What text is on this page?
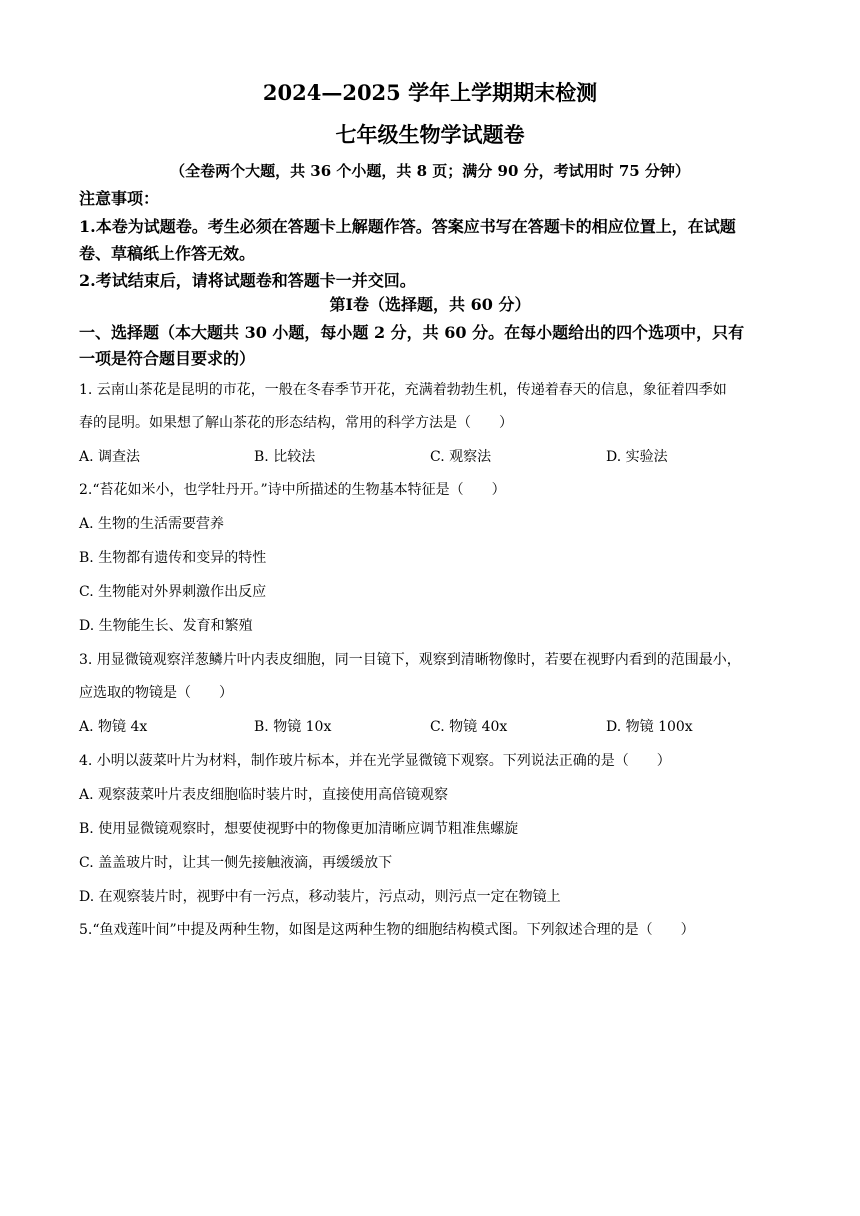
2024—2025 学年上学期期末检测
七年级生物学试题卷
（全卷两个大题，共 36 个小题，共 8 页；满分 90 分，考试用时 75 分钟）
注意事项：
1.本卷为试题卷。考生必须在答题卡上解题作答。答案应书写在答题卡的相应位置上，在试题
卷、草稿纸上作答无效。
2.考试结束后，请将试题卷和答题卡一并交回。
第Ⅰ卷（选择题，共 60 分）
一、选择题（本大题共 30 小题，每小题 2 分，共 60 分。在每小题给出的四个选项中，只有
一项是符合题目要求的）
1. 云南山茶花是昆明的市花，一般在冬春季节开花，充满着勃勃生机，传递着春天的信息，象征着四季如
春的昆明。如果想了解山茶花的形态结构，常用的科学方法是（　　）
A. 调查法	B. 比较法	C. 观察法	D. 实验法
2.“苔花如米小，也学牡丹开。”诗中所描述的生物基本特征是（　　）
A. 生物的生活需要营养
B. 生物都有遗传和变异的特性
C. 生物能对外界刺激作出反应
D. 生物能生长、发育和繁殖
3. 用显微镜观察洋葱鳞片叶内表皮细胞，同一目镜下，观察到清晰物像时，若要在视野内看到的范围最小，
应选取的物镜是（　　）
A. 物镜 4x	B. 物镜 10x	C. 物镜 40x	D. 物镜 100x
4. 小明以菠菜叶片为材料，制作玻片标本，并在光学显微镜下观察。下列说法正确的是（　　）
A. 观察菠菜叶片表皮细胞临时装片时，直接使用高倍镜观察
B. 使用显微镜观察时，想要使视野中的物像更加清晰应调节粗准焦螺旋
C. 盖盖玻片时，让其一侧先接触液滴，再缓缓放下
D. 在观察装片时，视野中有一污点，移动装片，污点动，则污点一定在物镜上
5.“鱼戏莲叶间”中提及两种生物，如图是这两种生物的细胞结构模式图。下列叙述合理的是（　　）
